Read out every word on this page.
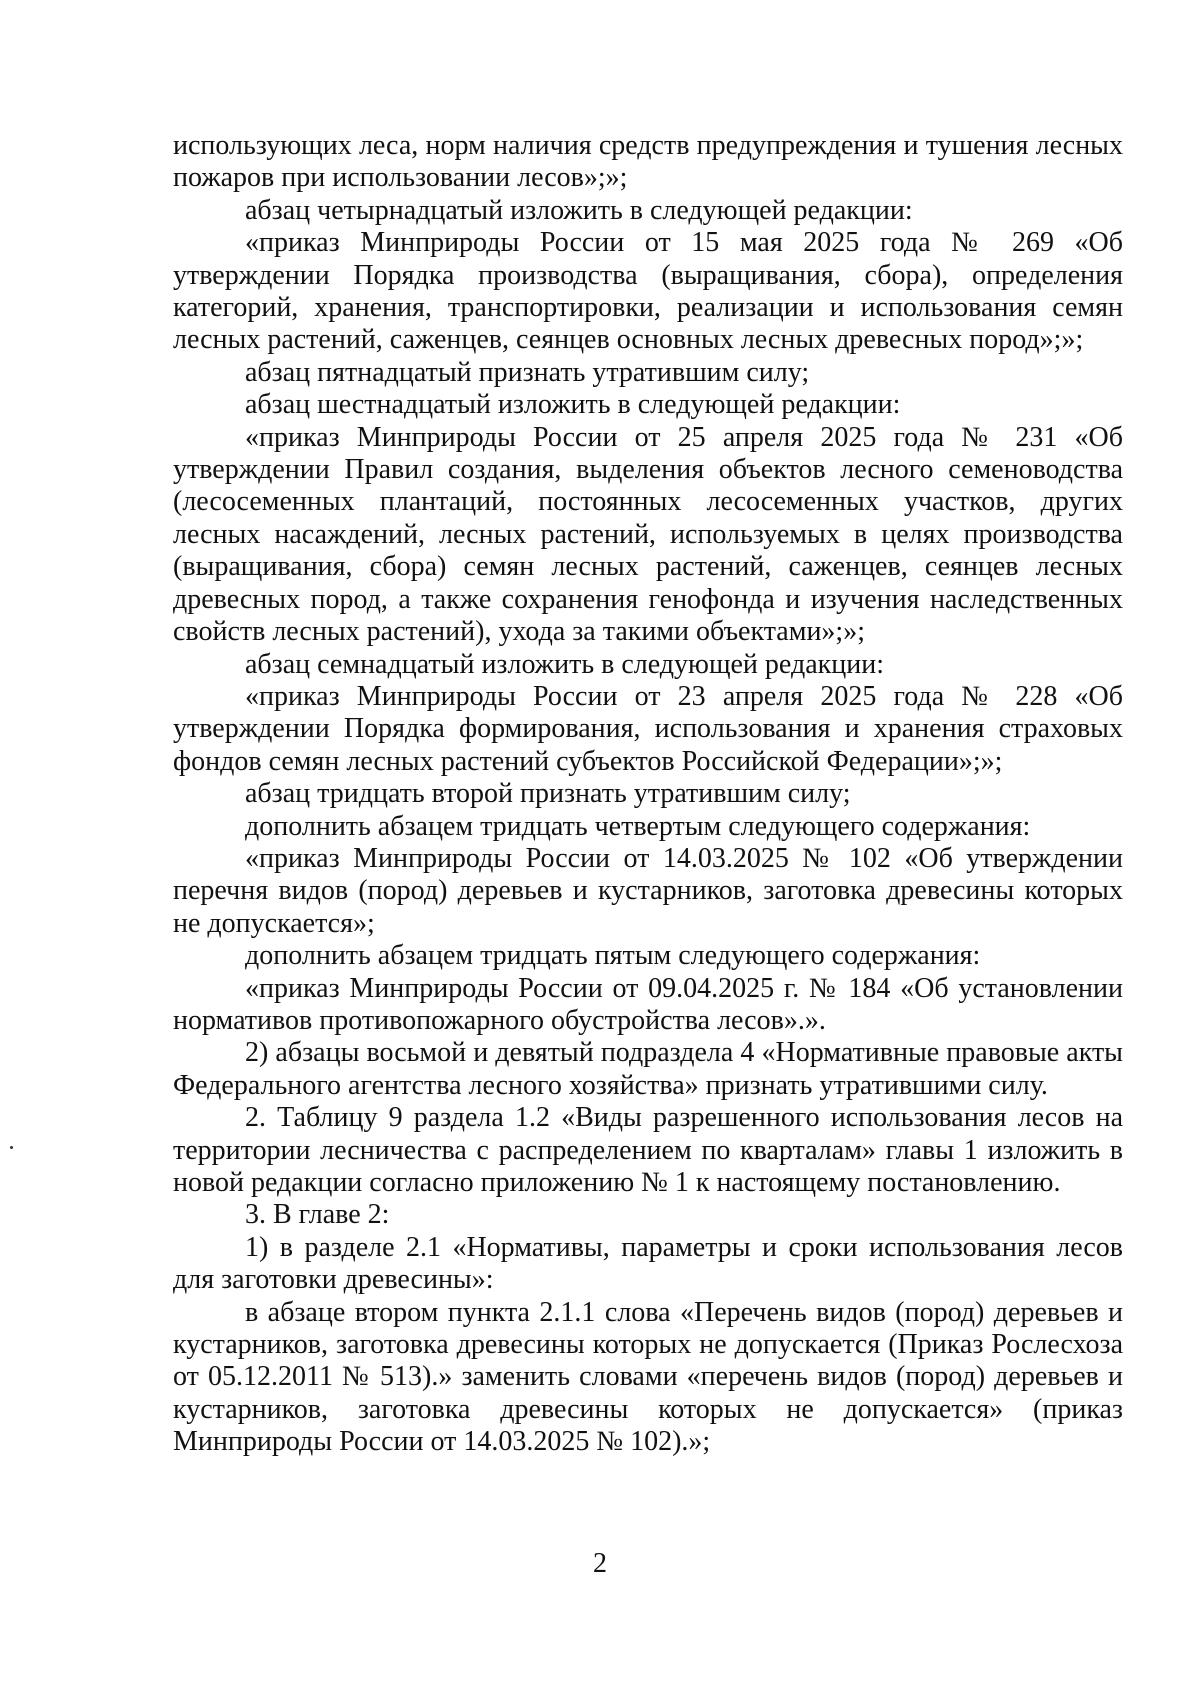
использующих леса, норм наличия средств предупреждения и тушения лесных пожаров при использовании лесов»;»;

абзац четырнадцатый изложить в следующей редакции:

«приказ Минприроды России от 15 мая 2025 года № 269 «Об утверждении Порядка производства (выращивания, сбора), определения категорий, хранения, транспортировки, реализации и использования семян лесных растений, саженцев, сеянцев основных лесных древесных пород»;»;

абзац пятнадцатый признать утратившим силу;

абзац шестнадцатый изложить в следующей редакции:

«приказ Минприроды России от 25 апреля 2025 года № 231 «Об утверждении Правил создания, выделения объектов лесного семеноводства (лесосеменных плантаций, постоянных лесосеменных участков, других лесных насаждений, лесных растений, используемых в целях производства (выращивания, сбора) семян лесных растений, саженцев, сеянцев лесных древесных пород, а также сохранения генофонда и изучения наследственных свойств лесных растений), ухода за такими объектами»;»;

абзац семнадцатый изложить в следующей редакции:

«приказ Минприроды России от 23 апреля 2025 года № 228 «Об утверждении Порядка формирования, использования и хранения страховых фондов семян лесных растений субъектов Российской Федерации»;»;

абзац тридцать второй признать утратившим силу;

дополнить абзацем тридцать четвертым следующего содержания:

«приказ Минприроды России от 14.03.2025 № 102 «Об утверждении перечня видов (пород) деревьев и кустарников, заготовка древесины которых не допускается»;

дополнить абзацем тридцать пятым следующего содержания:

«приказ Минприроды России от 09.04.2025 г. № 184 «Об установлении нормативов противопожарного обустройства лесов».».

2) абзацы восьмой и девятый подраздела 4 «Нормативные правовые акты Федерального агентства лесного хозяйства» признать утратившими силу.

2. Таблицу 9 раздела 1.2 «Виды разрешенного использования лесов на территории лесничества с распределением по кварталам» главы 1 изложить в новой редакции согласно приложению № 1 к настоящему постановлению.

3. В главе 2:

1) в разделе 2.1 «Нормативы, параметры и сроки использования лесов для заготовки древесины»:

в абзаце втором пункта 2.1.1 слова «Перечень видов (пород) деревьев и кустарников, заготовка древесины которых не допускается (Приказ Рослесхоза от 05.12.2011 № 513).» заменить словами «перечень видов (пород) деревьев и кустарников, заготовка древесины которых не допускается» (приказ Минприроды России от 14.03.2025 № 102).»;

2
